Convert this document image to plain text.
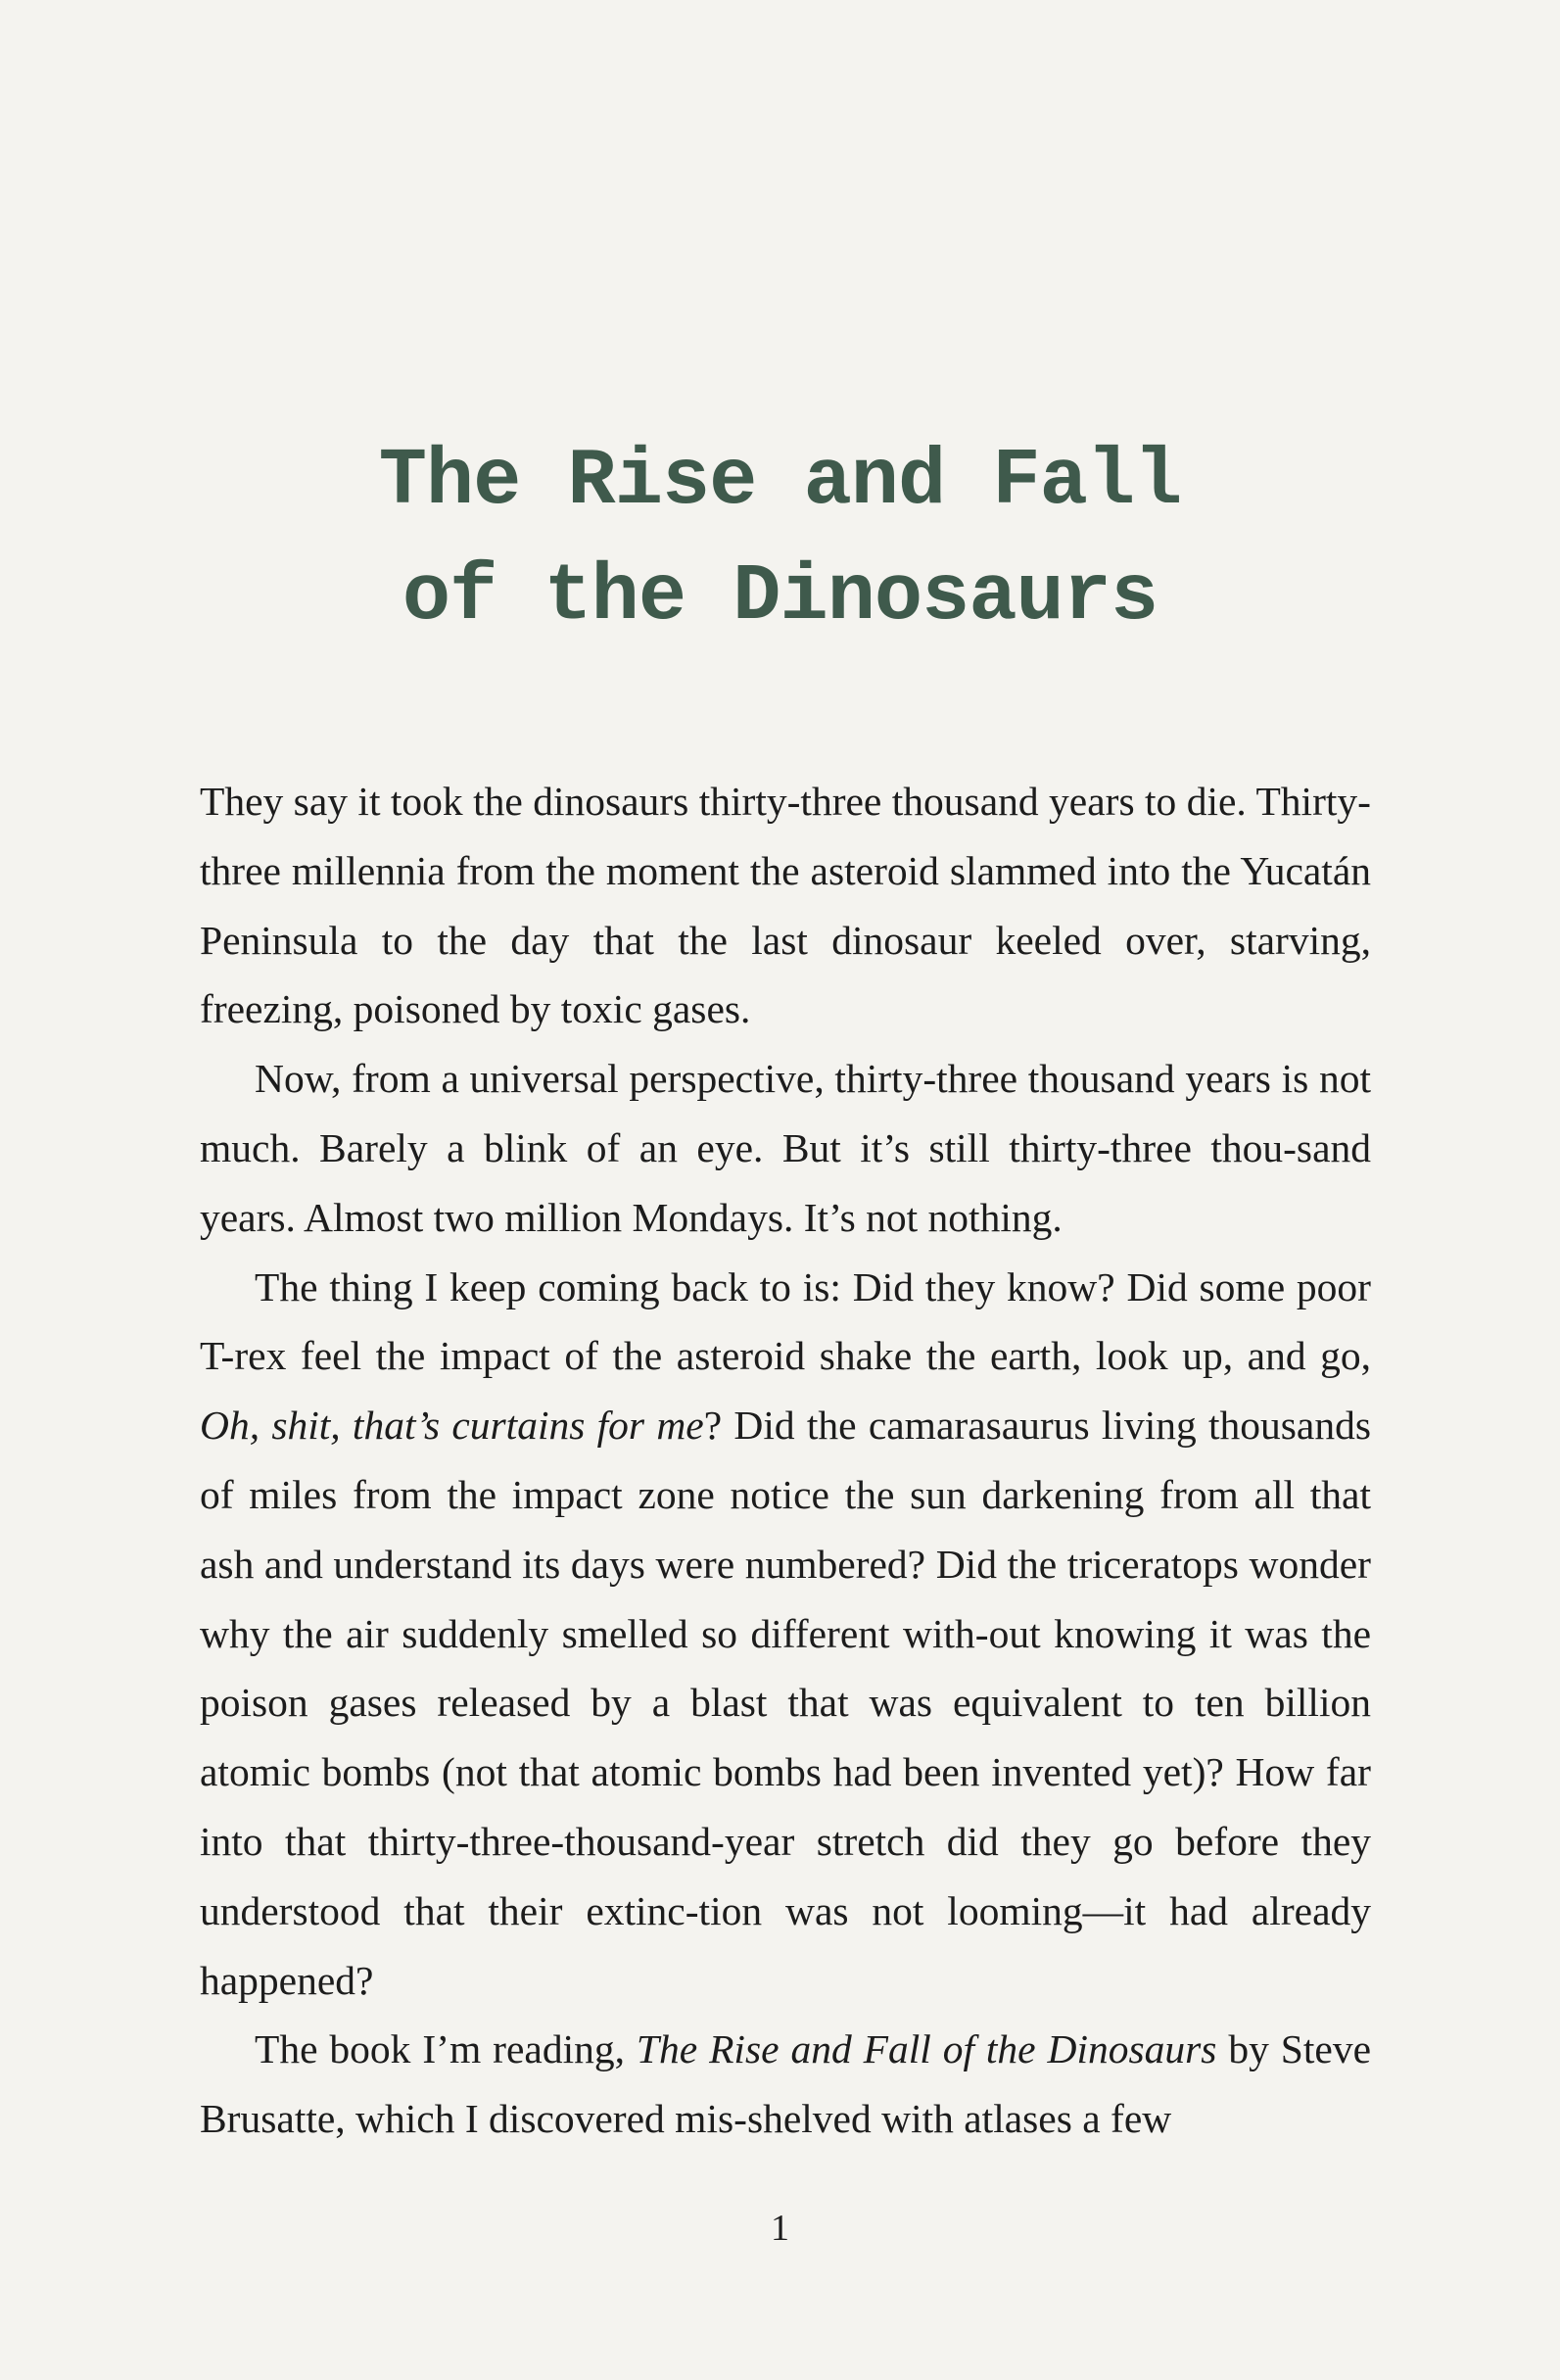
The Rise and Fall
of the Dinosaurs

They say it took the dinosaurs thirty-three thousand years to die. Thirty-three millennia from the moment the asteroid slammed into the Yucatán Peninsula to the day that the last dinosaur keeled over, starving, freezing, poisoned by toxic gases.

Now, from a universal perspective, thirty-three thousand years is not much. Barely a blink of an eye. But it’s still thirty-three thou-sand years. Almost two million Mondays. It’s not nothing.

The thing I keep coming back to is: Did they know? Did some poor T-rex feel the impact of the asteroid shake the earth, look up, and go, Oh, shit, that’s curtains for me? Did the camarasaurus living thousands of miles from the impact zone notice the sun darkening from all that ash and understand its days were numbered? Did the triceratops wonder why the air suddenly smelled so different with-out knowing it was the poison gases released by a blast that was equivalent to ten billion atomic bombs (not that atomic bombs had been invented yet)? How far into that thirty-three-thousand-year stretch did they go before they understood that their extinc-tion was not looming—it had already happened?

The book I’m reading, The Rise and Fall of the Dinosaurs by Steve Brusatte, which I discovered mis-shelved with atlases a few

1
